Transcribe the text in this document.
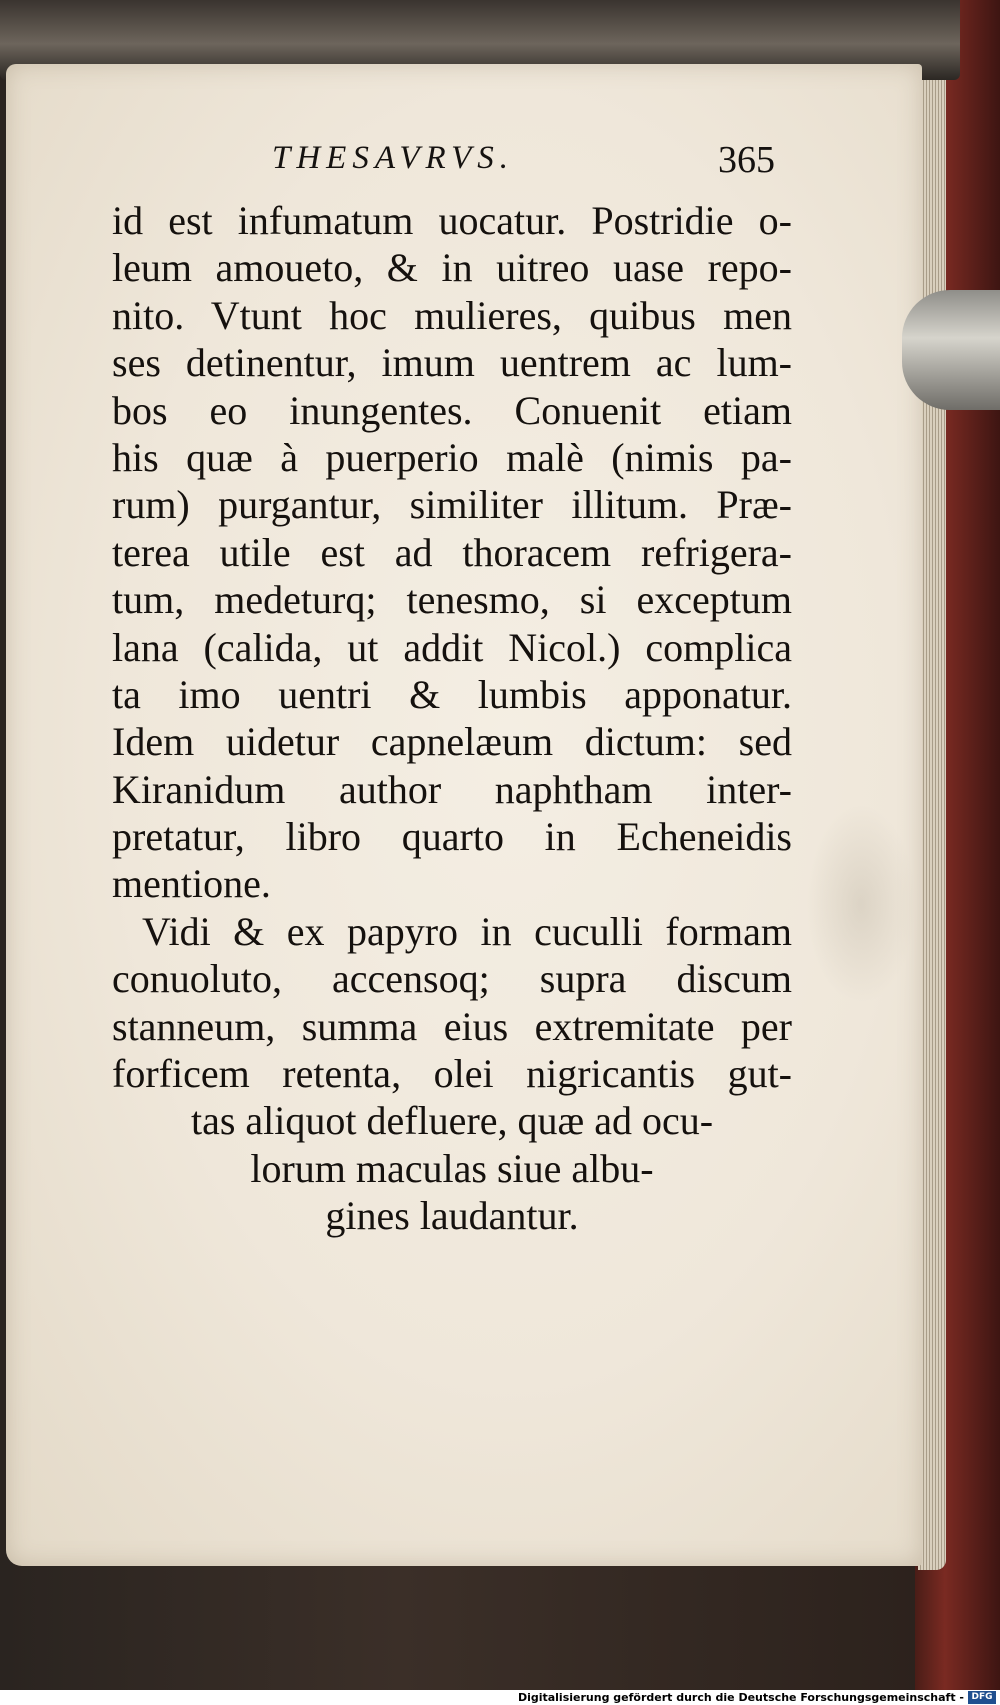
THESAVRVS.	365
id est infumatum uocatur. Postridie o-
leum amoueto, & in uitreo uase repo-
nito. Vtunt hoc mulieres, quibus men
ses detinentur, imum uentrem ac lum-
bos eo inungentes. Conuenit etiam
his quæ à puerperio malè (nimis pa-
rum) purgantur, similiter illitum. Præ-
terea utile est ad thoracem refrigera-
tum, medeturq; tenesmo, si exceptum
lana (calida, ut addit Nicol.) complica
ta imo uentri & lumbis apponatur.
Idem uidetur capnelæum dictum: sed
Kiranidum author naphtham inter-
pretatur, libro quarto in Echeneidis
mentione.
Vidi & ex papyro in cuculli formam
conuoluto, accensoq; supra discum
stanneum, summa eius extremitate per
forficem retenta, olei nigricantis gut-
tas aliquot defluere, quæ ad ocu-
lorum maculas siue albu-
gines laudantur.
Digitalisierung gefördert durch die Deutsche Forschungsgemeinschaft - DFG
